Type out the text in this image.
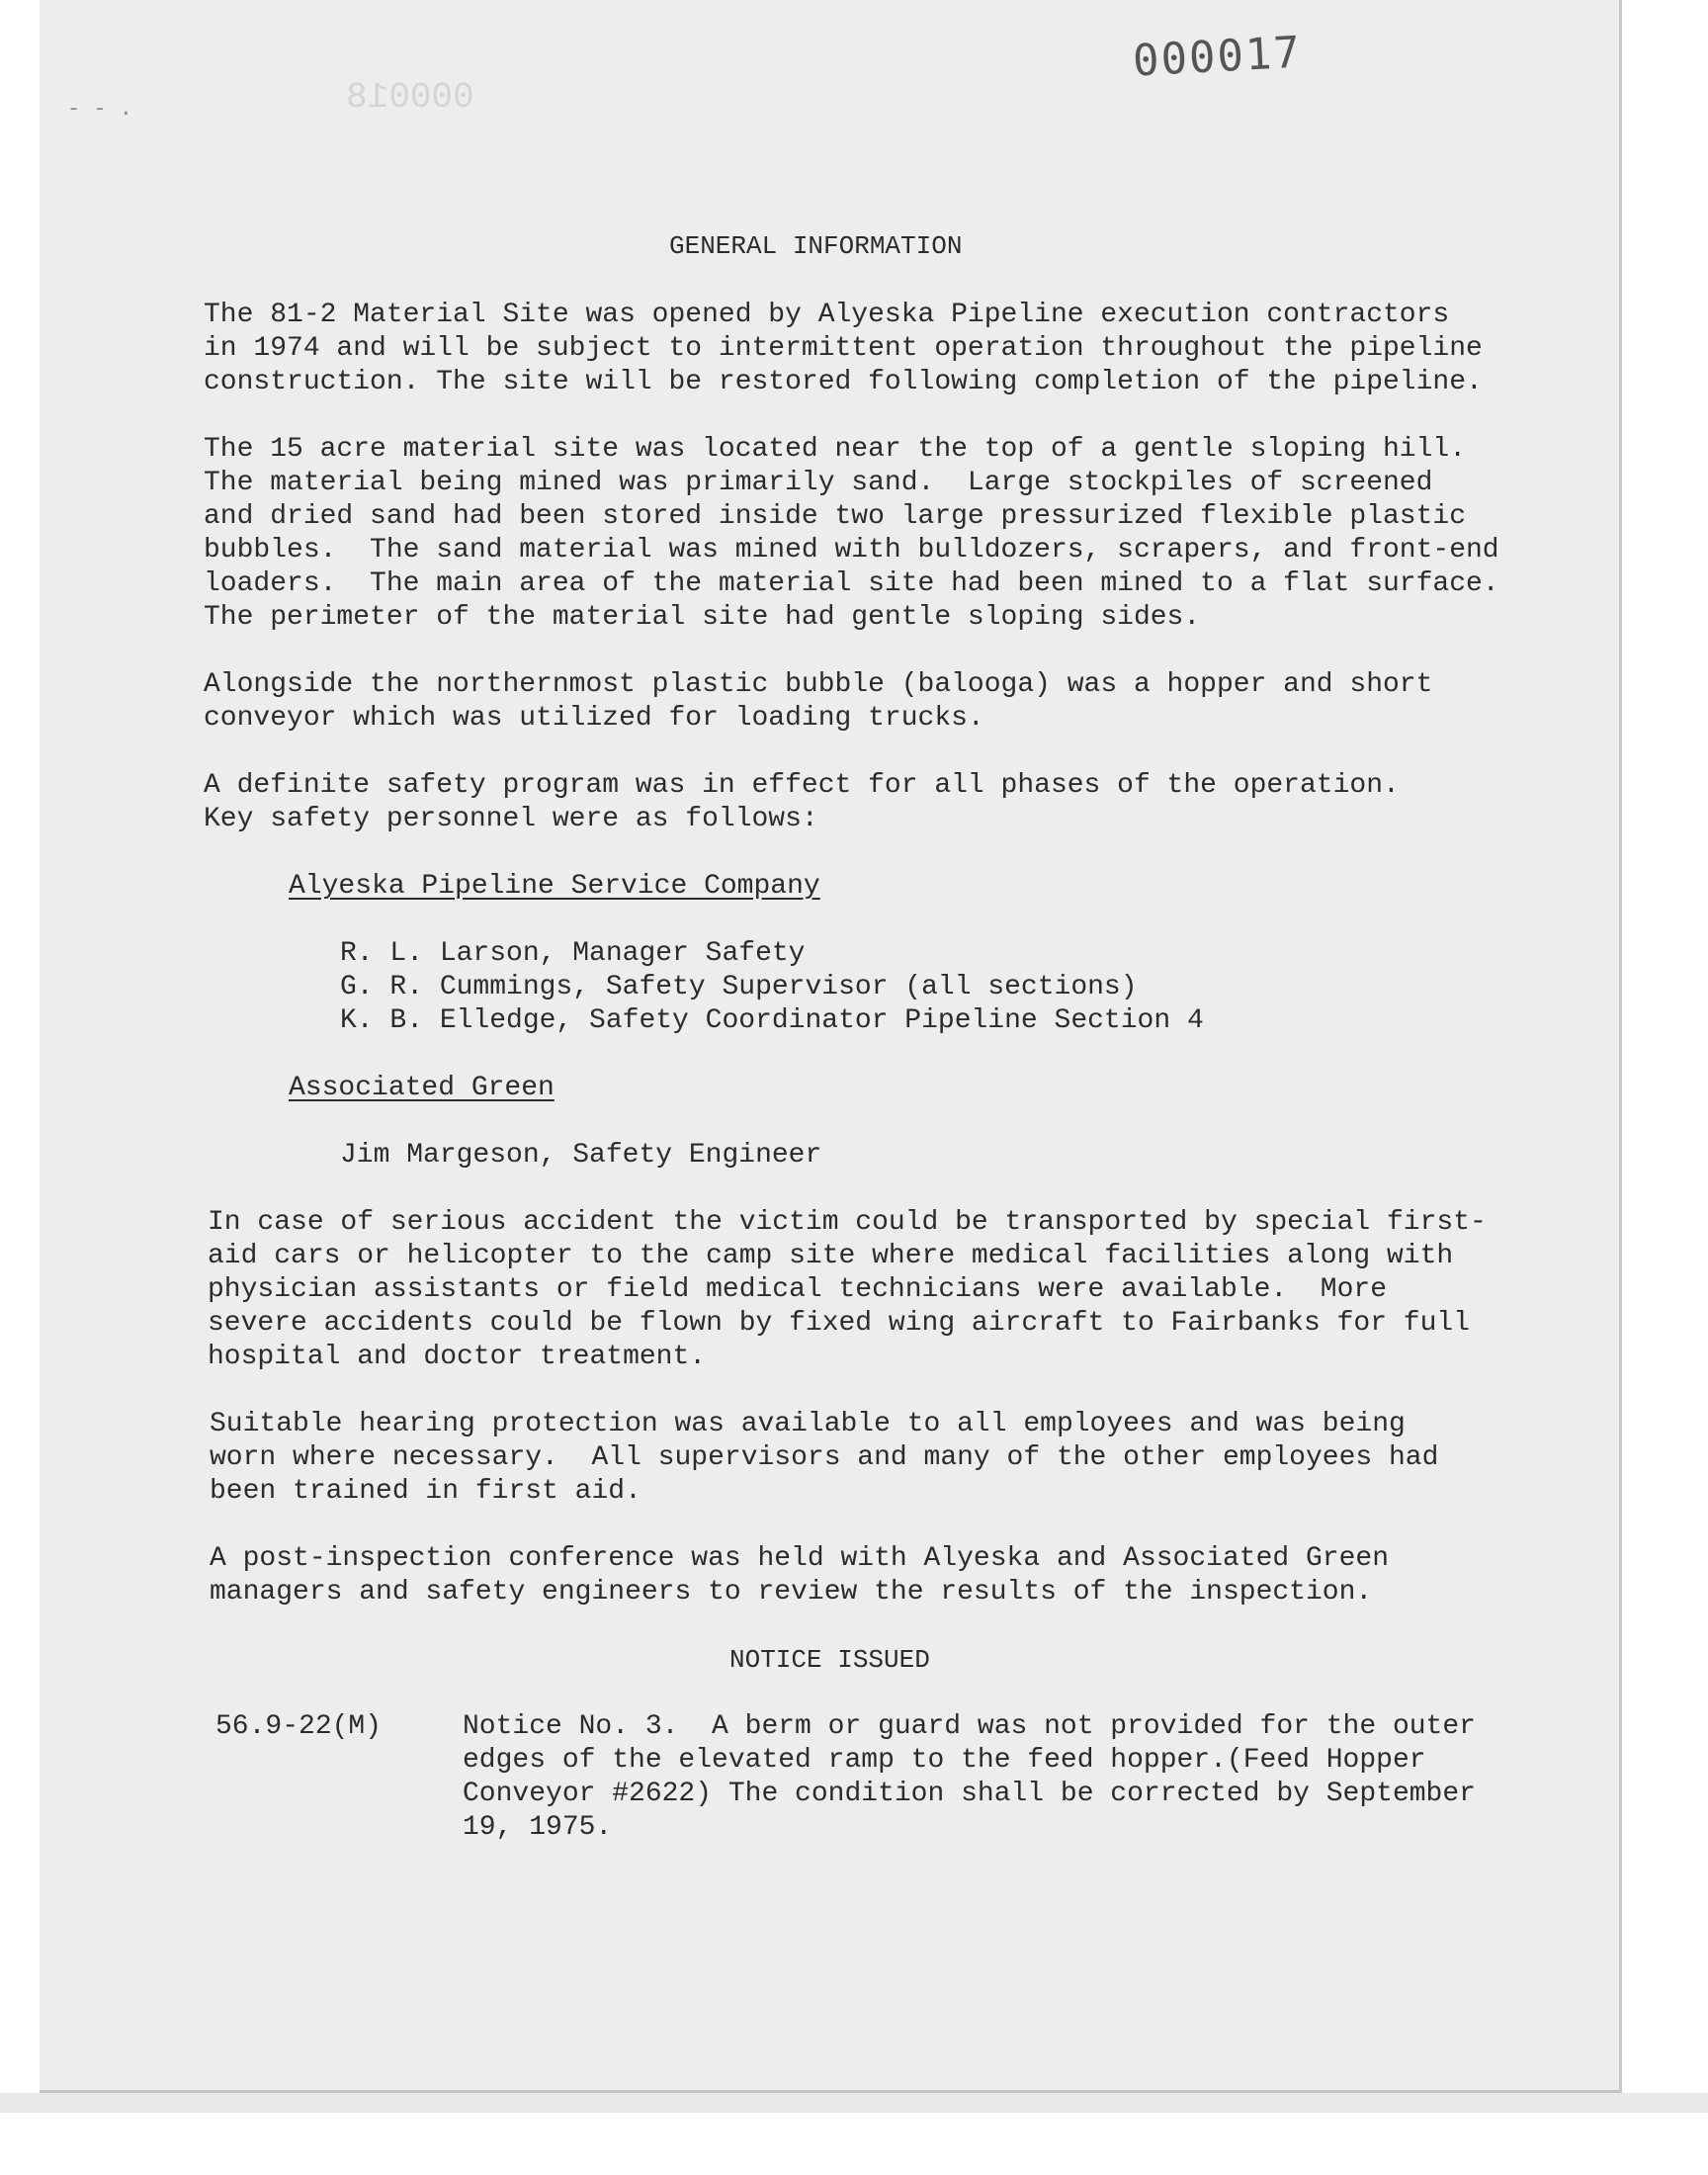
000017
000018
- - .
GENERAL INFORMATION
The 81-2 Material Site was opened by Alyeska Pipeline execution contractors
in 1974 and will be subject to intermittent operation throughout the pipeline
construction. The site will be restored following completion of the pipeline.
The 15 acre material site was located near the top of a gentle sloping hill.
The material being mined was primarily sand.  Large stockpiles of screened
and dried sand had been stored inside two large pressurized flexible plastic
bubbles.  The sand material was mined with bulldozers, scrapers, and front-end
loaders.  The main area of the material site had been mined to a flat surface.
The perimeter of the material site had gentle sloping sides.
Alongside the northernmost plastic bubble (balooga) was a hopper and short
conveyor which was utilized for loading trucks.
A definite safety program was in effect for all phases of the operation.
Key safety personnel were as follows:
Alyeska Pipeline Service Company
R. L. Larson, Manager Safety
G. R. Cummings, Safety Supervisor (all sections)
K. B. Elledge, Safety Coordinator Pipeline Section 4
Associated Green
Jim Margeson, Safety Engineer
In case of serious accident the victim could be transported by special first-
aid cars or helicopter to the camp site where medical facilities along with
physician assistants or field medical technicians were available.  More
severe accidents could be flown by fixed wing aircraft to Fairbanks for full
hospital and doctor treatment.
Suitable hearing protection was available to all employees and was being
worn where necessary.  All supervisors and many of the other employees had
been trained in first aid.
A post-inspection conference was held with Alyeska and Associated Green
managers and safety engineers to review the results of the inspection.
NOTICE ISSUED
56.9-22(M)	Notice No. 3.  A berm or guard was not provided for the outer
edges of the elevated ramp to the feed hopper.(Feed Hopper
Conveyor #2622) The condition shall be corrected by September
19, 1975.
